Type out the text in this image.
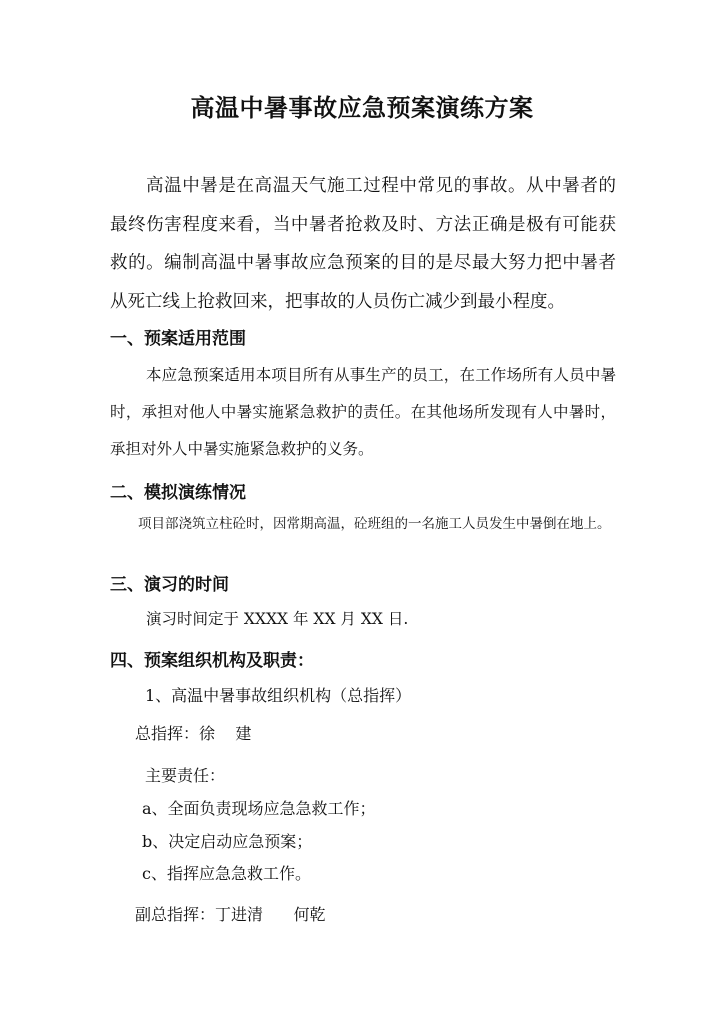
高温中暑事故应急预案演练方案
高温中暑是在高温天气施工过程中常见的事故。从中暑者的最终伤害程度来看，当中暑者抢救及时、方法正确是极有可能获救的。编制高温中暑事故应急预案的目的是尽最大努力把中暑者从死亡线上抢救回来，把事故的人员伤亡减少到最小程度。
一、预案适用范围
本应急预案适用本项目所有从事生产的员工，在工作场所有人员中暑时，承担对他人中暑实施紧急救护的责任。在其他场所发现有人中暑时，承担对外人中暑实施紧急救护的义务。
二、模拟演练情况
项目部浇筑立柱砼时，因常期高温，砼班组的一名施工人员发生中暑倒在地上。
三、演习的时间
演习时间定于 XXXX 年 XX 月 XX 日.
四、预案组织机构及职责：
1、高温中暑事故组织机构（总指挥）
总指挥：徐    建
主要责任：
a、全面负责现场应急急救工作；
b、决定启动应急预案；
c、指挥应急急救工作。
副总指挥：丁进清      何乾
